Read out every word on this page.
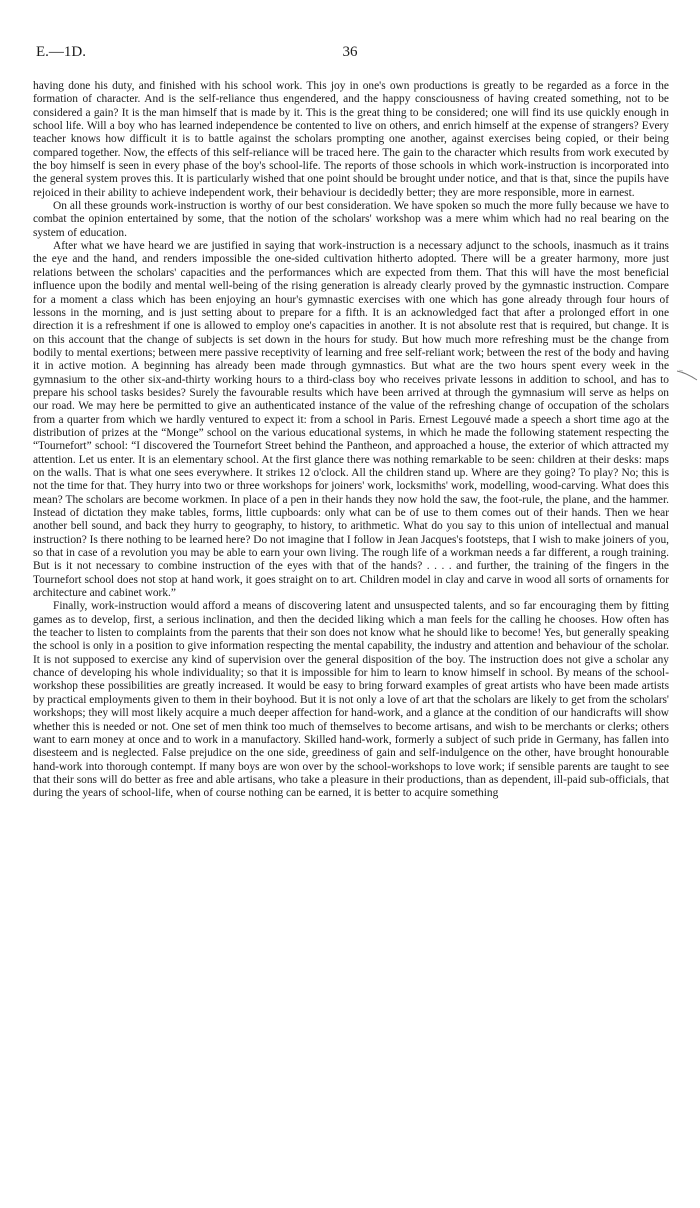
E.—1D.	36

having done his duty, and finished with his school work. This joy in one's own productions is greatly to be regarded as a force in the formation of character. And is the self-reliance thus engendered, and the happy consciousness of having created something, not to be considered a gain? It is the man himself that is made by it. This is the great thing to be considered; one will find its use quickly enough in school life. Will a boy who has learned independence be contented to live on others, and enrich himself at the expense of strangers? Every teacher knows how difficult it is to battle against the scholars prompting one another, against exercises being copied, or their being compared together. Now, the effects of this self-reliance will be traced here. The gain to the character which results from work executed by the boy himself is seen in every phase of the boy's school-life. The reports of those schools in which work-instruction is incorporated into the general system proves this. It is particularly wished that one point should be brought under notice, and that is that, since the pupils have rejoiced in their ability to achieve independent work, their behaviour is decidedly better; they are more responsible, more in earnest.

On all these grounds work-instruction is worthy of our best consideration. We have spoken so much the more fully because we have to combat the opinion entertained by some, that the notion of the scholars' workshop was a mere whim which had no real bearing on the system of education.

After what we have heard we are justified in saying that work-instruction is a necessary adjunct to the schools, inasmuch as it trains the eye and the hand, and renders impossible the one-sided cultivation hitherto adopted. There will be a greater harmony, more just relations between the scholars' capacities and the performances which are expected from them. That this will have the most beneficial influence upon the bodily and mental well-being of the rising generation is already clearly proved by the gymnastic instruction. Compare for a moment a class which has been enjoying an hour's gymnastic exercises with one which has gone already through four hours of lessons in the morning, and is just setting about to prepare for a fifth. It is an acknowledged fact that after a prolonged effort in one direction it is a refreshment if one is allowed to employ one's capacities in another. It is not absolute rest that is required, but change. It is on this account that the change of subjects is set down in the hours for study. But how much more refreshing must be the change from bodily to mental exertions; between mere passive receptivity of learning and free self-reliant work; between the rest of the body and having it in active motion. A beginning has already been made through gymnastics. But what are the two hours spent every week in the gymnasium to the other six-and-thirty working hours to a third-class boy who receives private lessons in addition to school, and has to prepare his school tasks besides? Surely the favourable results which have been arrived at through the gymnasium will serve as helps on our road. We may here be permitted to give an authenticated instance of the value of the refreshing change of occupation of the scholars from a quarter from which we hardly ventured to expect it: from a school in Paris. Ernest Legouvé made a speech a short time ago at the distribution of prizes at the “Monge” school on the various educational systems, in which he made the following statement respecting the “Tournefort” school: “I discovered the Tournefort Street behind the Pantheon, and approached a house, the exterior of which attracted my attention. Let us enter. It is an elementary school. At the first glance there was nothing remarkable to be seen: children at their desks: maps on the walls. That is what one sees everywhere. It strikes 12 o'clock. All the children stand up. Where are they going? To play? No; this is not the time for that. They hurry into two or three workshops for joiners' work, locksmiths' work, modelling, wood-carving. What does this mean? The scholars are become workmen. In place of a pen in their hands they now hold the saw, the foot-rule, the plane, and the hammer. Instead of dictation they make tables, forms, little cupboards: only what can be of use to them comes out of their hands. Then we hear another bell sound, and back they hurry to geography, to history, to arithmetic. What do you say to this union of intellectual and manual instruction? Is there nothing to be learned here? Do not imagine that I follow in Jean Jacques's footsteps, that I wish to make joiners of you, so that in case of a revolution you may be able to earn your own living. The rough life of a workman needs a far different, a rough training. But is it not necessary to combine instruction of the eyes with that of the hands? . . . . and further, the training of the fingers in the Tournefort school does not stop at hand work, it goes straight on to art. Children model in clay and carve in wood all sorts of ornaments for architecture and cabinet work.”

Finally, work-instruction would afford a means of discovering latent and unsuspected talents, and so far encouraging them by fitting games as to develop, first, a serious inclination, and then the decided liking which a man feels for the calling he chooses. How often has the teacher to listen to complaints from the parents that their son does not know what he should like to become! Yes, but generally speaking the school is only in a position to give information respecting the mental capability, the industry and attention and behaviour of the scholar. It is not supposed to exercise any kind of supervision over the general disposition of the boy. The instruction does not give a scholar any chance of developing his whole individuality; so that it is impossible for him to learn to know himself in school. By means of the school-workshop these possibilities are greatly increased. It would be easy to bring forward examples of great artists who have been made artists by practical employments given to them in their boyhood. But it is not only a love of art that the scholars are likely to get from the scholars' workshops; they will most likely acquire a much deeper affection for hand-work, and a glance at the condition of our handicrafts will show whether this is needed or not. One set of men think too much of themselves to become artisans, and wish to be merchants or clerks; others want to earn money at once and to work in a manufactory. Skilled hand-work, formerly a subject of such pride in Germany, has fallen into disesteem and is neglected. False prejudice on the one side, greediness of gain and self-indulgence on the other, have brought honourable hand-work into thorough contempt. If many boys are won over by the school-workshops to love work; if sensible parents are taught to see that their sons will do better as free and able artisans, who take a pleasure in their productions, than as dependent, ill-paid sub-officials, that during the years of school-life, when of course nothing can be earned, it is better to acquire something
